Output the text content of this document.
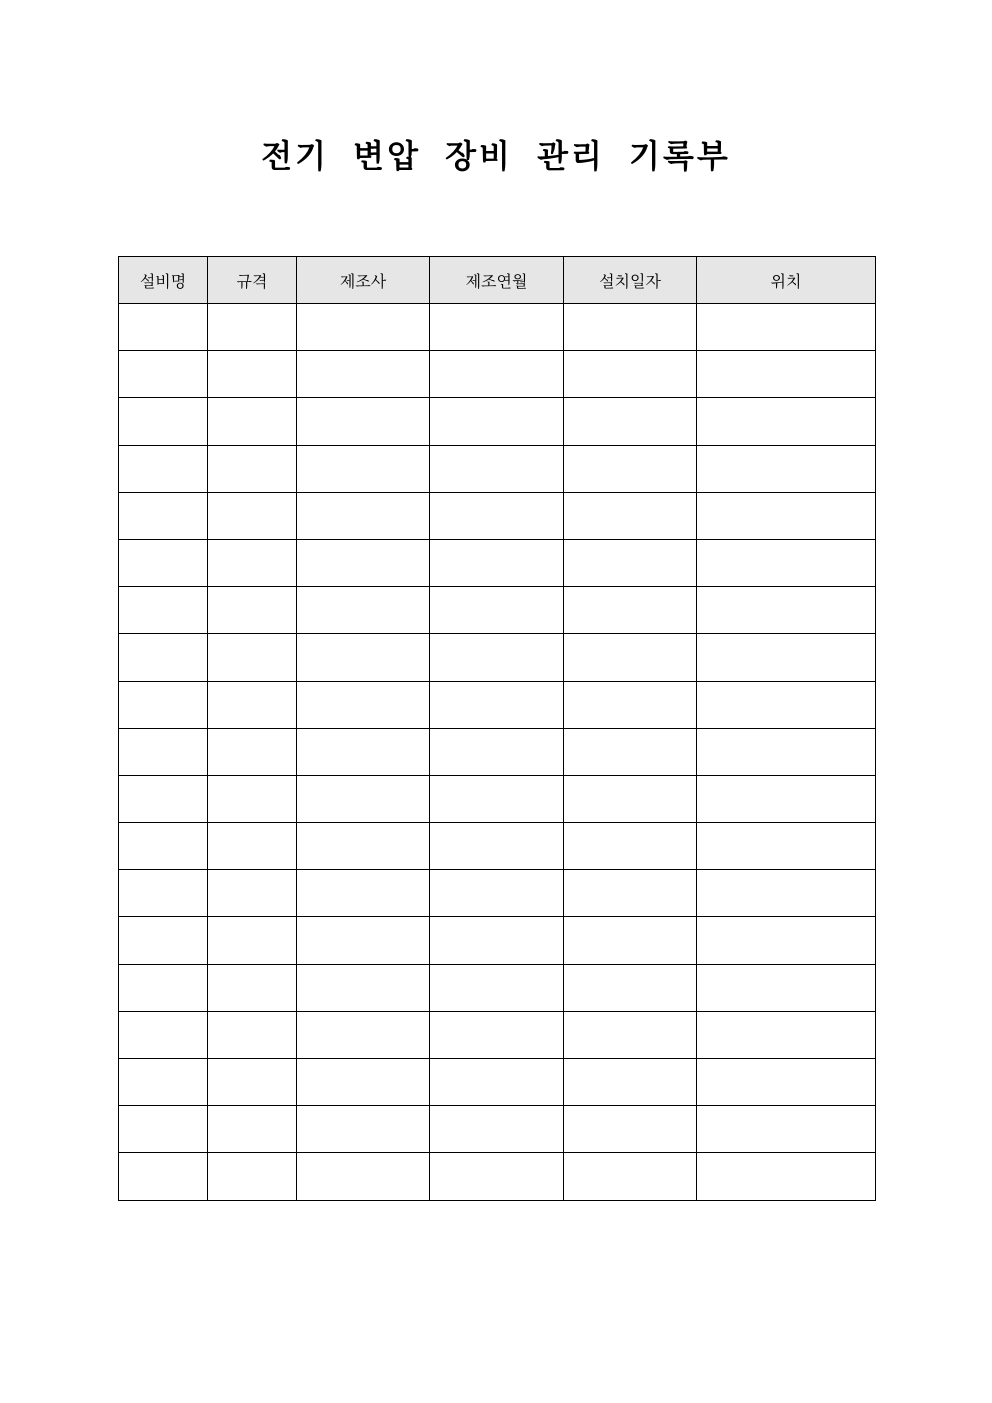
전기 변압 장비 관리 기록부
설비명	규격	제조사	제조연월	설치일자	위치
